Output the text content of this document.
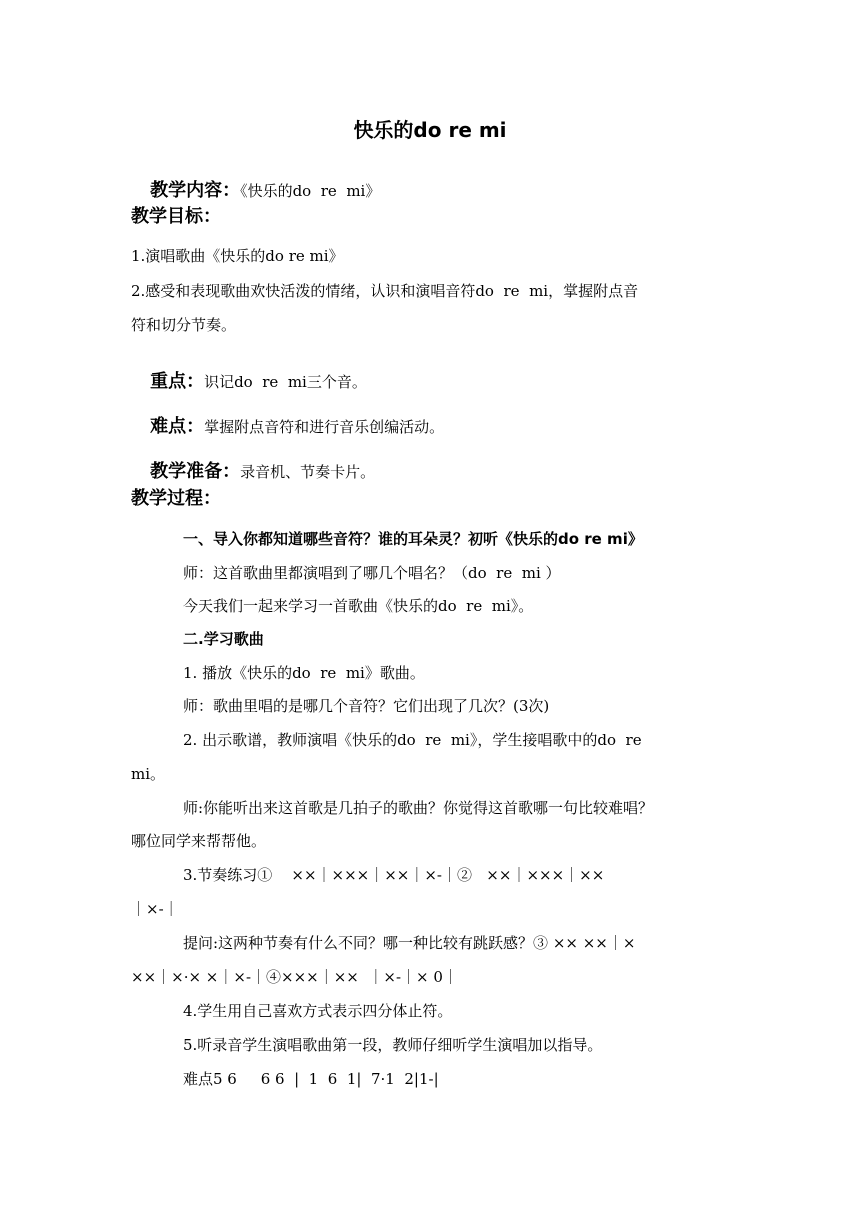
快乐的do re mi

教学内容：《快乐的do  re  mi》

教学目标：
1.演唱歌曲《快乐的do re mi》
2.感受和表现歌曲欢快活泼的情绪，认识和演唱音符do  re  mi，掌握附点音
符和切分节奏。

重点：识记do  re  mi三个音。

难点：掌握附点音符和进行音乐创编活动。

教学准备：录音机、节奏卡片。

教学过程：
一、导入你都知道哪些音符？谁的耳朵灵？初听《快乐的do re mi》
师：这首歌曲里都演唱到了哪几个唱名？（do  re  mi ）
今天我们一起来学习一首歌曲《快乐的do  re  mi》。
二.学习歌曲
1. 播放《快乐的do  re  mi》歌曲。
师：歌曲里唱的是哪几个音符？它们出现了几次？(3次)
2. 出示歌谱，教师演唱《快乐的do  re  mi》，学生接唱歌中的do  re
mi。
师:你能听出来这首歌是几拍子的歌曲？你觉得这首歌哪一句比较难唱？
哪位同学来帮帮他。
3.节奏练习①    ××｜×××｜××｜×-｜②   ××｜×××｜××
｜×-｜
提问:这两种节奏有什么不同？哪一种比较有跳跃感？③ ×× ××｜×
××｜×·× ×｜×-｜④×××｜××  ｜×-｜× 0｜
4.学生用自己喜欢方式表示四分体止符。
5.听录音学生演唱歌曲第一段，教师仔细听学生演唱加以指导。
难点5 6     6 6  |  1  6  1|  7·1  2|1-|
